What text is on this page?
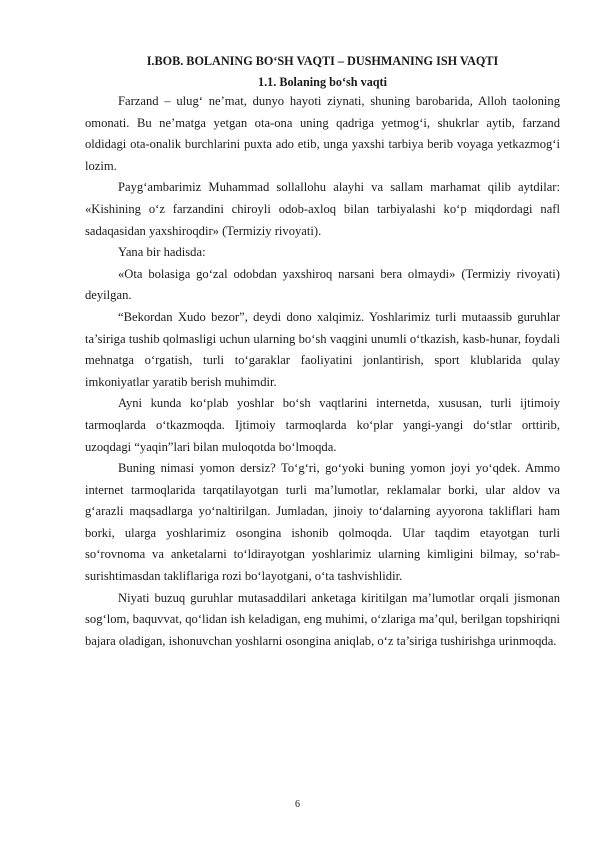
I.BOB. BOLANING BO‘SH VAQTI – DUSHMANING ISH VAQTI
1.1. Bolaning bo‘sh vaqti

Farzand – ulug‘ ne’mat, dunyo hayoti ziynati, shuning barobarida, Alloh taoloning omonati. Bu ne’matga yetgan ota-ona uning qadriga yetmog‘i, shukrlar aytib, farzand oldidagi ota-onalik burchlarini puxta ado etib, unga yaxshi tarbiya berib voyaga yetkazmog‘i lozim.

Payg‘ambarimiz Muhammad sollallohu alayhi va sallam marhamat qilib aytdilar: «Kishining o‘z farzandini chiroyli odob-axloq bilan tarbiyalashi ko‘p miqdordagi nafl sadaqasidan yaxshiroqdir» (Termiziy rivoyati).

Yana bir hadisda:

«Ota bolasiga go‘zal odobdan yaxshiroq narsani bera olmaydi» (Termiziy rivoyati) deyilgan.

“Bekordan Xudo bezor”, deydi dono xalqimiz. Yoshlarimiz turli mutaassib guruhlar ta’siriga tushib qolmasligi uchun ularning bo‘sh vaqgini unumli o‘tkazish, kasb-hunar, foydali mehnatga o‘rgatish, turli to‘garaklar faoliyatini jonlantirish, sport klublarida qulay imkoniyatlar yaratib berish muhimdir.

Ayni kunda ko‘plab yoshlar bo‘sh vaqtlarini internetda, xususan, turli ijtimoiy tarmoqlarda o‘tkazmoqda. Ijtimoiy tarmoqlarda ko‘plar yangi-yangi do‘stlar orttirib, uzoqdagi “yaqin”lari bilan muloqotda bo‘lmoqda.

Buning nimasi yomon dersiz? To‘g‘ri, go‘yoki buning yomon joyi yo‘qdek. Ammo internet tarmoqlarida tarqatilayotgan turli ma’lumotlar, reklamalar borki, ular aldov va g‘arazli maqsadlarga yo‘naltirilgan. Jumladan, jinoiy to‘dalarning ayyorona takliflari ham borki, ularga yoshlarimiz osongina ishonib qolmoqda. Ular taqdim etayotgan turli so‘rovnoma va anketalarni to‘ldirayotgan yoshlarimiz ularning kimligini bilmay, so‘rab-surishtimasdan takliflariga rozi bo‘layotgani, o‘ta tashvishlidir.

Niyati buzuq guruhlar mutasaddilari anketaga kiritilgan ma’lumotlar orqali jismonan sog‘lom, baquvvat, qo‘lidan ish keladigan, eng muhimi, o‘zlariga ma’qul, berilgan topshiriqni bajara oladigan, ishonuvchan yoshlarni osongina aniqlab, o‘z ta’siriga tushirishga urinmoqda.

6
